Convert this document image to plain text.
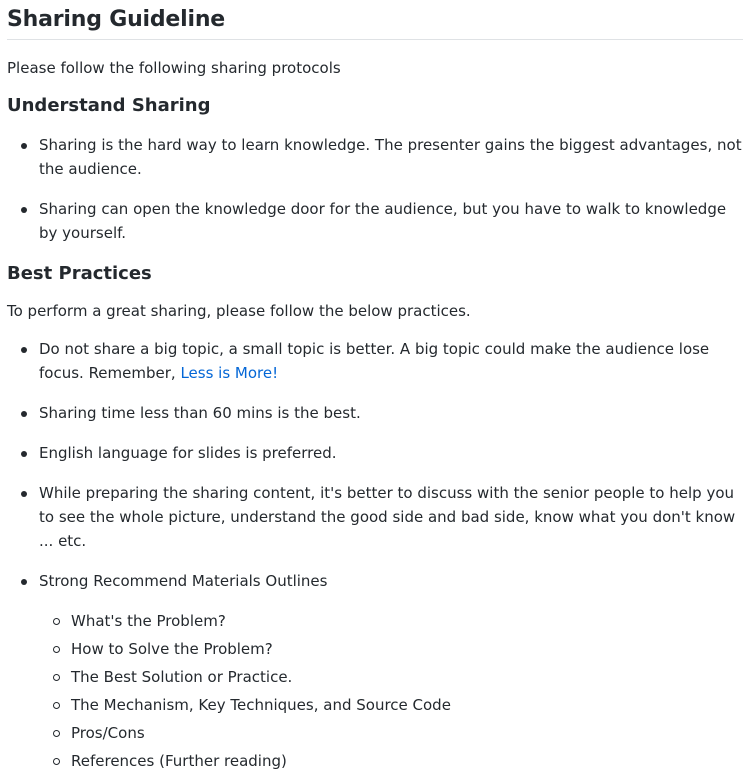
Sharing Guideline

Please follow the following sharing protocols

Understand Sharing
Sharing is the hard way to learn knowledge. The presenter gains the biggest advantages, not the audience.
Sharing can open the knowledge door for the audience, but you have to walk to knowledge by yourself.
Best Practices

To perform a great sharing, please follow the below practices.

Do not share a big topic, a small topic is better. A big topic could make the audience lose focus. Remember, Less is More!
Sharing time less than 60 mins is the best.
English language for slides is preferred.
While preparing the sharing content, it's better to discuss with the senior people to help you to see the whole picture, understand the good side and bad side, know what you don't know ... etc.
Strong Recommend Materials Outlines
What's the Problem?
How to Solve the Problem?
The Best Solution or Practice.
The Mechanism, Key Techniques, and Source Code
Pros/Cons
References (Further reading)
